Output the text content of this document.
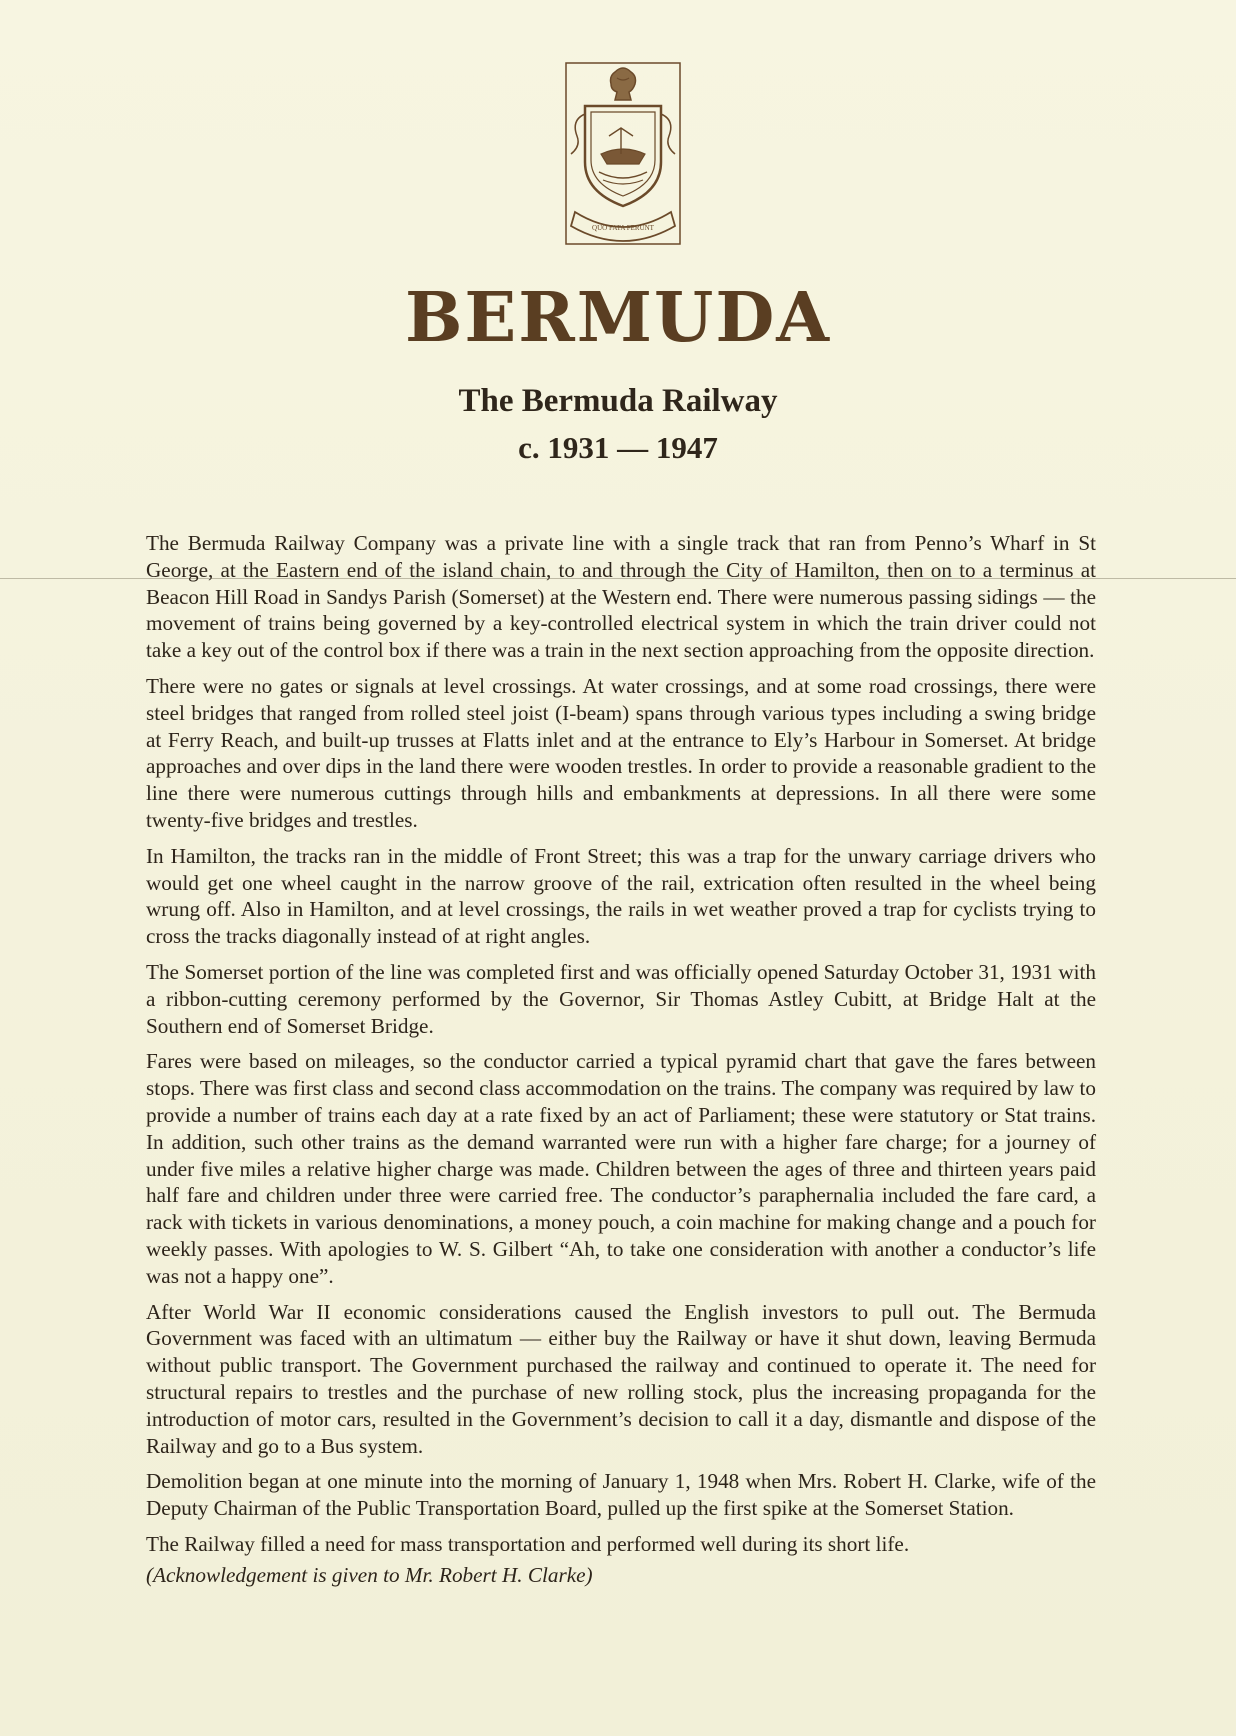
QUO FATA FERUNT
BERMUDA
The Bermuda Railway
c. 1931 — 1947

The Bermuda Railway Company was a private line with a single track that ran from Penno’s Wharf in St George, at the Eastern end of the island chain, to and through the City of Hamilton, then on to a terminus at Beacon Hill Road in Sandys Parish (Somerset) at the Western end. There were numerous passing sidings — the movement of trains being governed by a key-controlled electrical system in which the train driver could not take a key out of the control box if there was a train in the next section approaching from the opposite direction.

There were no gates or signals at level crossings. At water crossings, and at some road crossings, there were steel bridges that ranged from rolled steel joist (I-beam) spans through various types including a swing bridge at Ferry Reach, and built-up trusses at Flatts inlet and at the entrance to Ely’s Harbour in Somerset. At bridge approaches and over dips in the land there were wooden trestles. In order to provide a reasonable gradient to the line there were numerous cuttings through hills and embankments at depressions. In all there were some twenty-five bridges and trestles.

In Hamilton, the tracks ran in the middle of Front Street; this was a trap for the unwary carriage drivers who would get one wheel caught in the narrow groove of the rail, extrication often resulted in the wheel being wrung off. Also in Hamilton, and at level crossings, the rails in wet weather proved a trap for cyclists trying to cross the tracks diagonally instead of at right angles.

The Somerset portion of the line was completed first and was officially opened Saturday October 31, 1931 with a ribbon-cutting ceremony performed by the Governor, Sir Thomas Astley Cubitt, at Bridge Halt at the Southern end of Somerset Bridge.

Fares were based on mileages, so the conductor carried a typical pyramid chart that gave the fares between stops. There was first class and second class accommodation on the trains. The company was required by law to provide a number of trains each day at a rate fixed by an act of Parliament; these were statutory or Stat trains. In addition, such other trains as the demand warranted were run with a higher fare charge; for a journey of under five miles a relative higher charge was made. Children between the ages of three and thirteen years paid half fare and children under three were carried free. The conductor’s paraphernalia included the fare card, a rack with tickets in various denominations, a money pouch, a coin machine for making change and a pouch for weekly passes. With apologies to W. S. Gilbert “Ah, to take one consideration with another a conductor’s life was not a happy one”.

After World War II economic considerations caused the English investors to pull out. The Bermuda Government was faced with an ultimatum — either buy the Railway or have it shut down, leaving Bermuda without public transport. The Government purchased the railway and continued to operate it. The need for structural repairs to trestles and the purchase of new rolling stock, plus the increasing propaganda for the introduction of motor cars, resulted in the Government’s decision to call it a day, dismantle and dispose of the Railway and go to a Bus system.

Demolition began at one minute into the morning of January 1, 1948 when Mrs. Robert H. Clarke, wife of the Deputy Chairman of the Public Transportation Board, pulled up the first spike at the Somerset Station.

The Railway filled a need for mass transportation and performed well during its short life.

(Acknowledgement is given to Mr. Robert H. Clarke)
